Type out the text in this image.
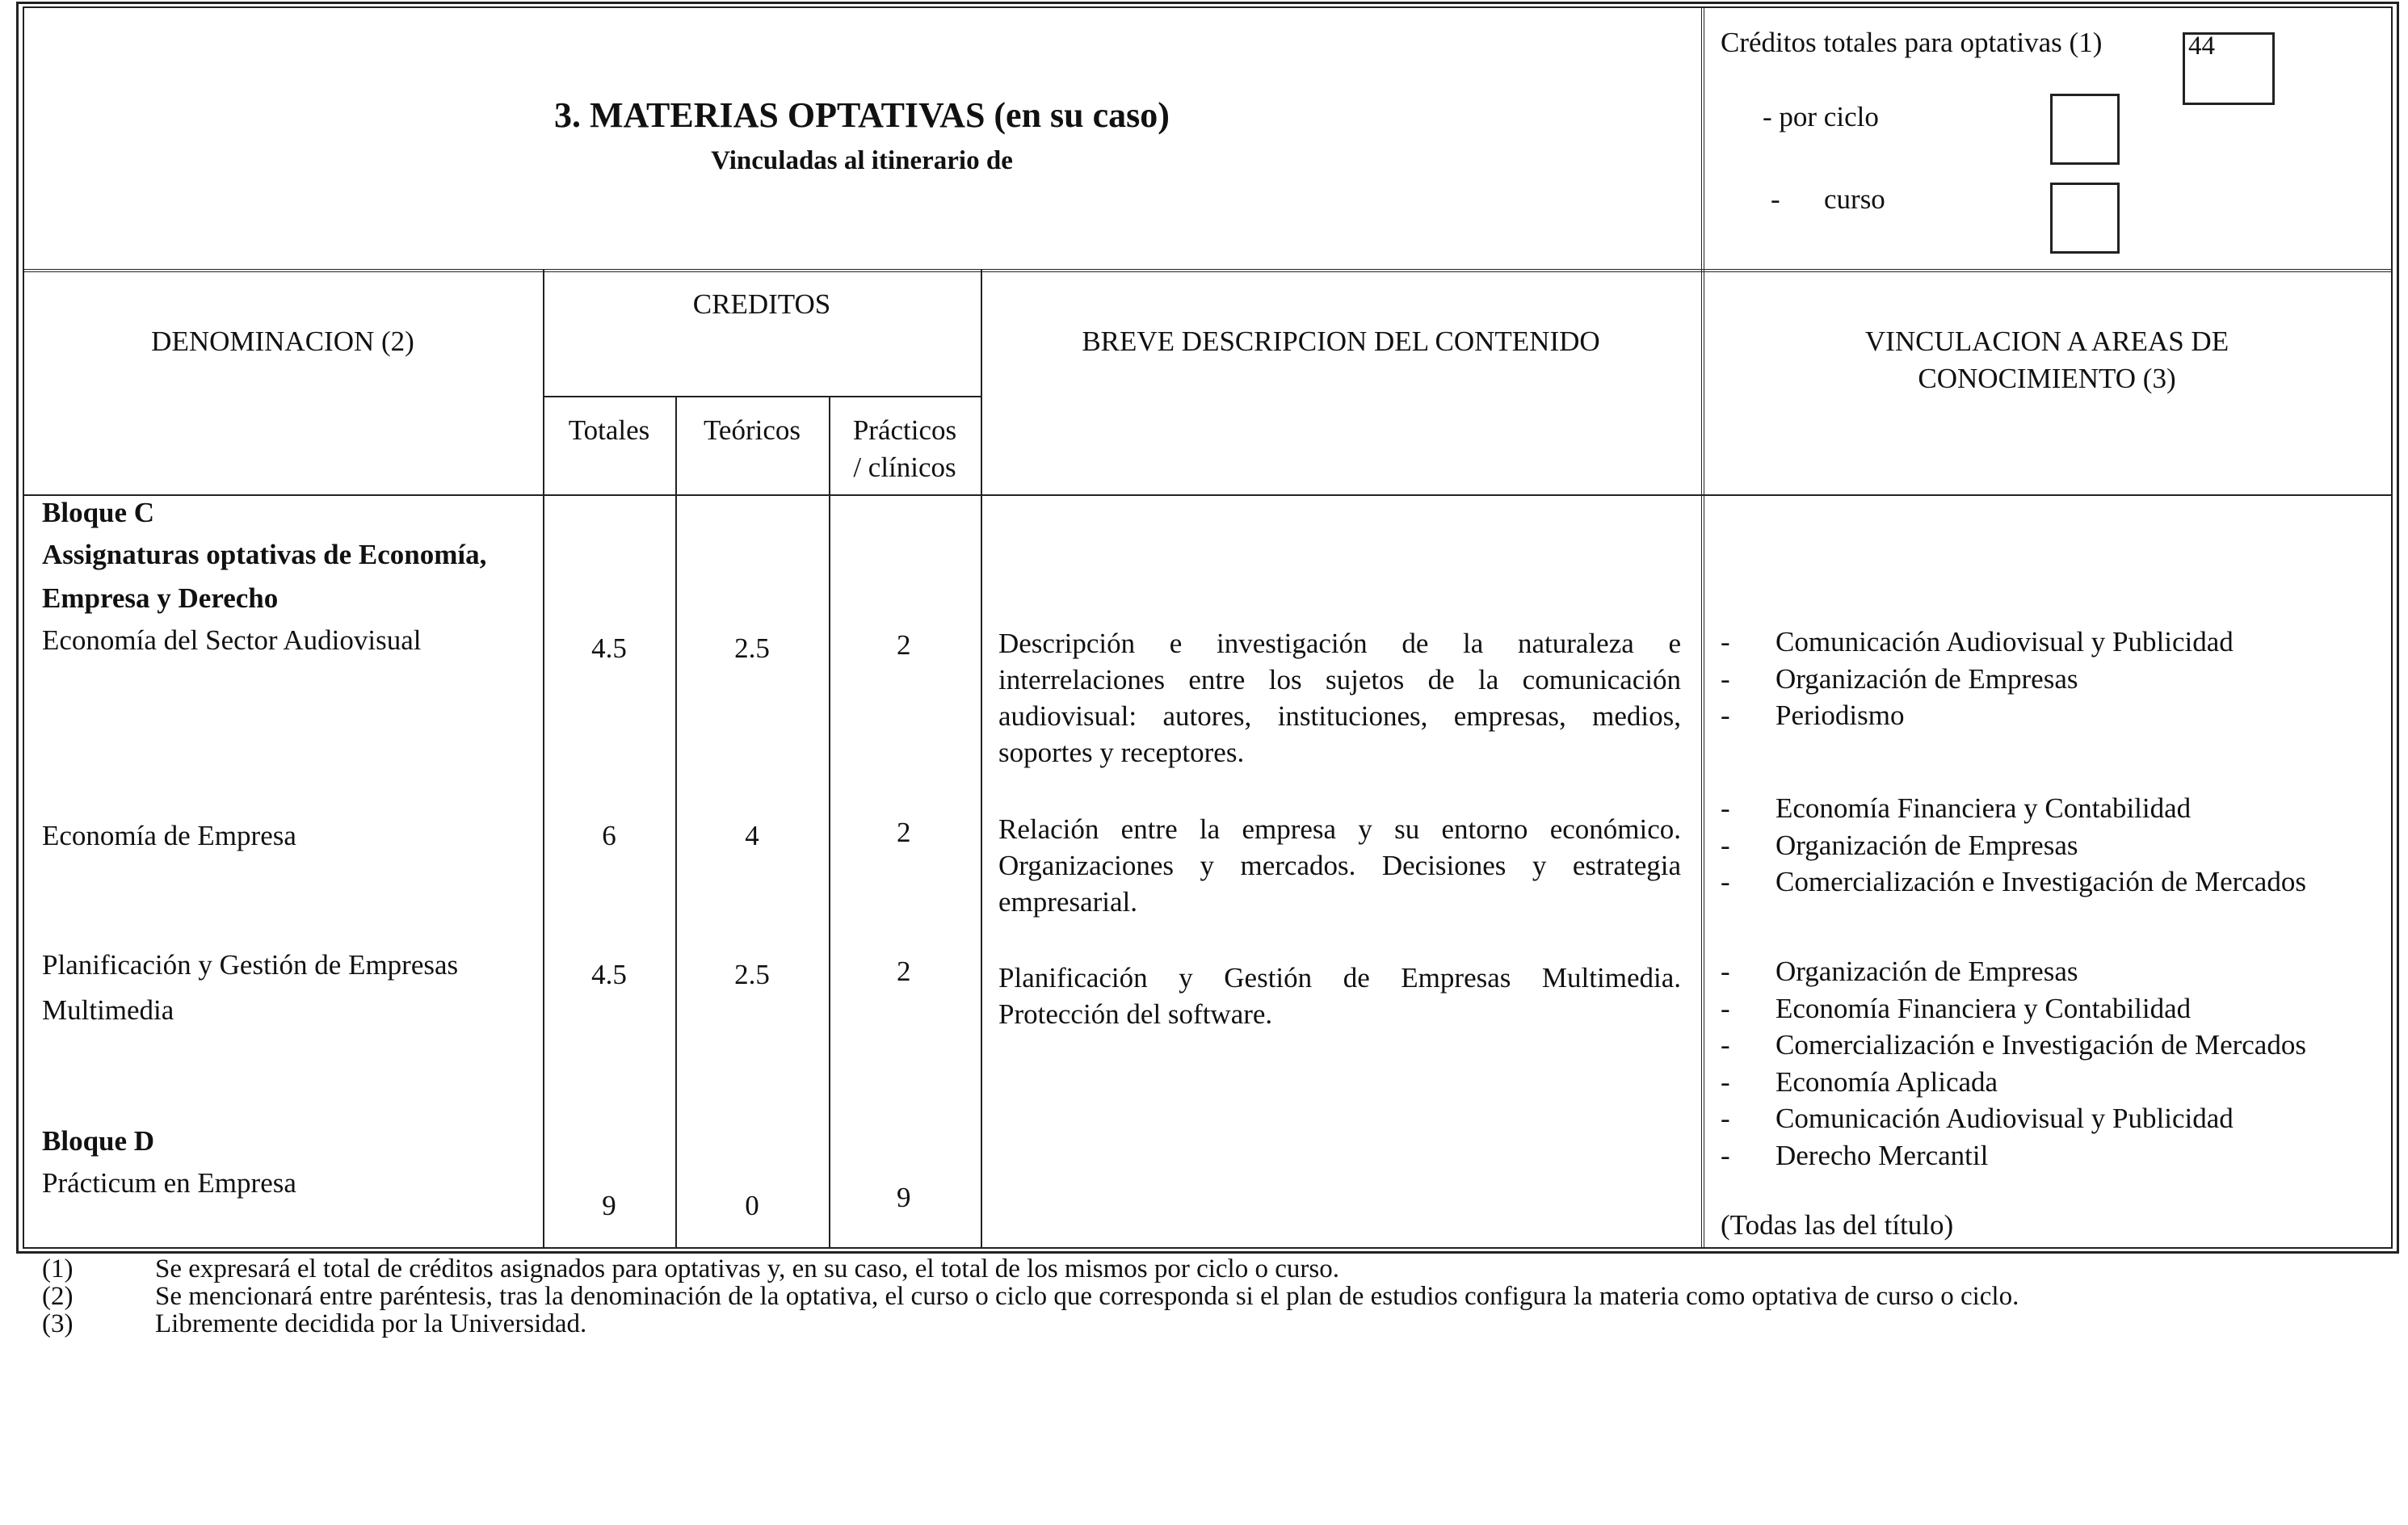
3. MATERIAS OPTATIVAS (en su caso)
Vinculadas al itinerario de
Créditos totales para optativas (1)	44
- por ciclo
- curso
DENOMINACION (2)
CREDITOS
Totales	Teóricos	Prácticos
/ clínicos
BREVE DESCRIPCION DEL CONTENIDO	VINCULACION A AREAS DE
CONOCIMIENTO (3)
Bloque C
Assignaturas optativas de Economía,
Empresa y Derecho
Economía del Sector Audiovisual	4.5	2.5	2	Descripción e investigación de la naturaleza e interrelaciones entre los sujetos de la comunicación audiovisual: autores, instituciones, empresas, medios, soportes y receptores.

- Comunicación Audiovisual y Publicidad
- Organización de Empresas
- Periodismo
Economía de Empresa	6	4	2	Relación entre la empresa y su entorno económico. Organizaciones y mercados. Decisiones y estrategia empresarial.

- Economía Financiera y Contabilidad
- Organización de Empresas
- Comercialización e Investigación de Mercados
Planificación y Gestión de Empresas
Multimedia
4.5	2.5	2	Planificación y Gestión de Empresas Multimedia. Protección del software.

- Organización de Empresas
- Economía Financiera y Contabilidad
- Comercialización e Investigación de Mercados
- Economía Aplicada
- Comunicación Audiovisual y Publicidad
- Derecho Mercantil
Bloque D
Prácticum en Empresa
9	0	9
(Todas las del título)
(1)	Se expresará el total de créditos asignados para optativas y, en su caso, el total de los mismos por ciclo o curso.
(2)	Se mencionará entre paréntesis, tras la denominación de la optativa, el curso o ciclo que corresponda si el plan de estudios configura la materia como optativa de curso o ciclo.
(3)	Libremente decidida por la Universidad.
